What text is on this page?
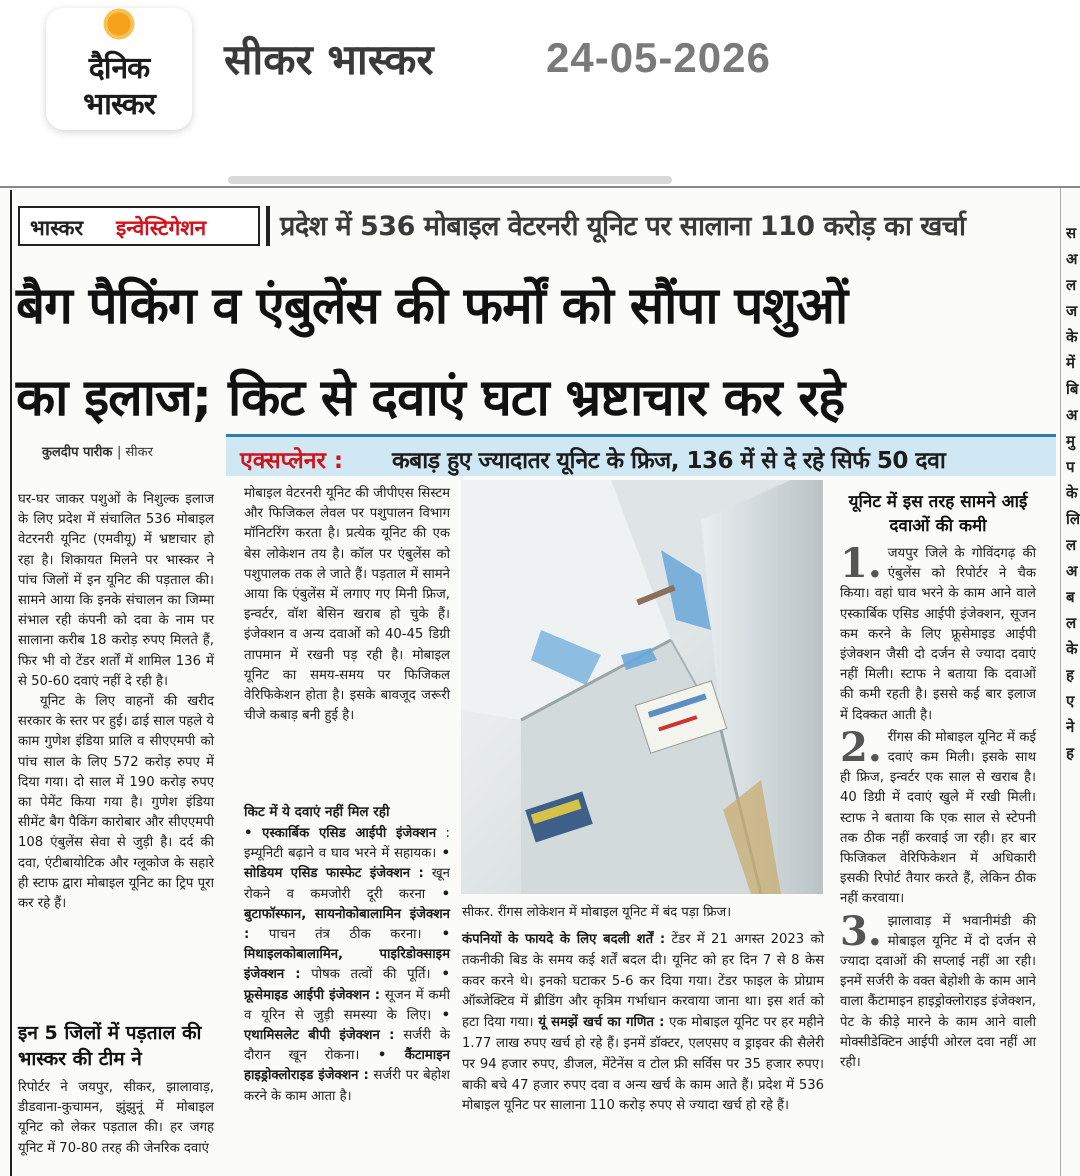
दैनिक
भास्कर
सीकर भास्कर	24-05-2026
भास्कर इन्वेस्टिगेशन	प्रदेश में 536 मोबाइल वेटरनरी यूनिट पर सालाना 110 करोड़ का खर्चा
बैग पैकिंग व एंबुलेंस की फर्मों को सौंपा पशुओं
का इलाज; किट से दवाएं घटा भ्रष्टाचार कर रहे
कुलदीप पारीक | सीकर	एक्सप्लेनर : कबाड़ हुए ज्यादातर यूनिट के फ्रिज, 136 में से दे रहे सिर्फ 50 दवा

घर-घर जाकर पशुओं के निशुल्क इलाज के लिए प्रदेश में संचालित 536 मोबाइल वेटरनरी यूनिट (एमवीयू) में भ्रष्टाचार हो रहा है। शिकायत मिलने पर भास्कर ने पांच जिलों में इन यूनिट की पड़ताल की। सामने आया कि इनके संचालन का जिम्मा संभाल रही कंपनी को दवा के नाम पर सालाना करीब 18 करोड़ रुपए मिलते हैं, फिर भी वो टेंडर शर्तों में शामिल 136 में से 50-60 दवाएं नहीं दे रही है।

यूनिट के लिए वाहनों की खरीद सरकार के स्तर पर हुई। ढाई साल पहले ये काम गुणेश इंडिया प्रालि व सीएएमपी को पांच साल के लिए 572 करोड़ रुपए में दिया गया। दो साल में 190 करोड़ रुपए का पेमेंट किया गया है। गुणेश इंडिया सीमेंट बैग पैकिंग कारोबार और सीएएमपी 108 एंबुलेंस सेवा से जुड़ी है। दर्द की दवा, एंटीबायोटिक और ग्लूकोज के सहारे ही स्टाफ द्वारा मोबाइल यूनिट का ट्रिप पूरा कर रहे हैं।

इन 5 जिलों में पड़ताल की भास्कर की टीम ने
रिपोर्टर ने जयपुर, सीकर, झालावाड़, डीडवाना-कुचामन, झुंझुनूं में मोबाइल यूनिट को लेकर पड़ताल की। हर जगह यूनिट में 70-80 तरह की जेनरिक दवाएं

मोबाइल वेटरनरी यूनिट की जीपीएस सिस्टम और फिजिकल लेवल पर पशुपालन विभाग मॉनिटरिंग करता है। प्रत्येक यूनिट की एक बेस लोकेशन तय है। कॉल पर एंबुलेंस को पशुपालक तक ले जाते हैं। पड़ताल में सामने आया कि एंबुलेंस में लगाए गए मिनी फ्रिज, इन्वर्टर, वॉश बेसिन खराब हो चुके हैं। इंजेक्शन व अन्य दवाओं को 40-45 डिग्री तापमान में रखनी पड़ रही है। मोबाइल यूनिट का समय-समय पर फिजिकल वेरिफिकेशन होता है। इसके बावजूद जरूरी चीजे कबाड़ बनी हुई है।

किट में ये दवाएं नहीं मिल रही
• एस्कार्बिक एसिड आईपी इंजेक्शन : इम्यूनिटी बढ़ाने व घाव भरने में सहायक। • सोडियम एसिड फास्फेट इंजेक्शन : खून रोकने व कमजोरी दूरी करना • बुटाफॉस्फान, सायनोकोबालामिन इंजेक्शन : पाचन तंत्र ठीक करना। • मिथाइलकोबालामिन, पाइरिडोक्साइम इंजेक्शन : पोषक तत्वों की पूर्ति। • फ्रूसेमाइड आईपी इंजेक्शन : सूजन में कमी व यूरिन से जुड़ी समस्या के लिए। • एथामिसलेट बीपी इंजेक्शन : सर्जरी के दौरान खून रोकना। • कैंटामाइन हाइड्रोक्लोराइड इंजेक्शन : सर्जरी पर बेहोश करने के काम आता है।
सीकर. रींगस लोकेशन में मोबाइल यूनिट में बंद पड़ा फ्रिज।
कंपनियों के फायदे के लिए बदली शर्तें : टेंडर में 21 अगस्त 2023 को तकनीकी बिड के समय कई शर्तें बदल दी। यूनिट को हर दिन 7 से 8 केस कवर करने थे। इनको घटाकर 5-6 कर दिया गया। टेंडर फाइल के प्रोग्राम ऑब्जेक्टिव में ब्रीडिंग और कृत्रिम गर्भाधान करवाया जाना था। इस शर्त को हटा दिया गया। यूं समझें खर्च का गणित : एक मोबाइल यूनिट पर हर महीने 1.77 लाख रुपए खर्च हो रहे हैं। इनमें डॉक्टर, एलएसए व ड्राइवर की सैलेरी पर 94 हजार रुपए, डीजल, मेंटेनेंस व टोल फ्री सर्विस पर 35 हजार रुपए। बाकी बचे 47 हजार रुपए दवा व अन्य खर्च के काम आते हैं। प्रदेश में 536 मोबाइल यूनिट पर सालाना 110 करोड़ रुपए से ज्यादा खर्च हो रहे हैं।
यूनिट में इस तरह सामने आई दवाओं की कमी

1. जयपुर जिले के गोविंदगढ़ की एंबुलेंस को रिपोर्टर ने चैक किया। वहां घाव भरने के काम आने वाले एस्कार्बिक एसिड आईपी इंजेक्शन, सूजन कम करने के लिए फ्रूसेमाइड आईपी इंजेक्शन जैसी दो दर्जन से ज्यादा दवाएं नहीं मिली। स्टाफ ने बताया कि दवाओं की कमी रहती है। इससे कई बार इलाज में दिक्कत आती है।

2. रींगस की मोबाइल यूनिट में कई दवाएं कम मिली। इसके साथ ही फ्रिज, इन्वर्टर एक साल से खराब है। 40 डिग्री में दवाएं खुले में रखी मिली। स्टाफ ने बताया कि एक साल से स्टेपनी तक ठीक नहीं करवाई जा रही। हर बार फिजिकल वेरिफिकेशन में अधिकारी इसकी रिपोर्ट तैयार करते हैं, लेकिन ठीक नहीं करवाया।

3. झालावाड़ में भवानीमंडी की मोबाइल यूनिट में दो दर्जन से ज्यादा दवाओं की सप्लाई नहीं आ रही। इनमें सर्जरी के वक्त बेहोशी के काम आने वाला कैंटामाइन हाइड्रोक्लोराइड इंजेक्शन, पेट के कीड़े मारने के काम आने वाली मोक्सीडेक्टिन आईपी ओरल दवा नहीं आ रही।

स
अ
ल
ज
के
में
बि
अ
मु
प
के
लि
ल
अ
ब
ल
के
ह
ए
ने
ह
